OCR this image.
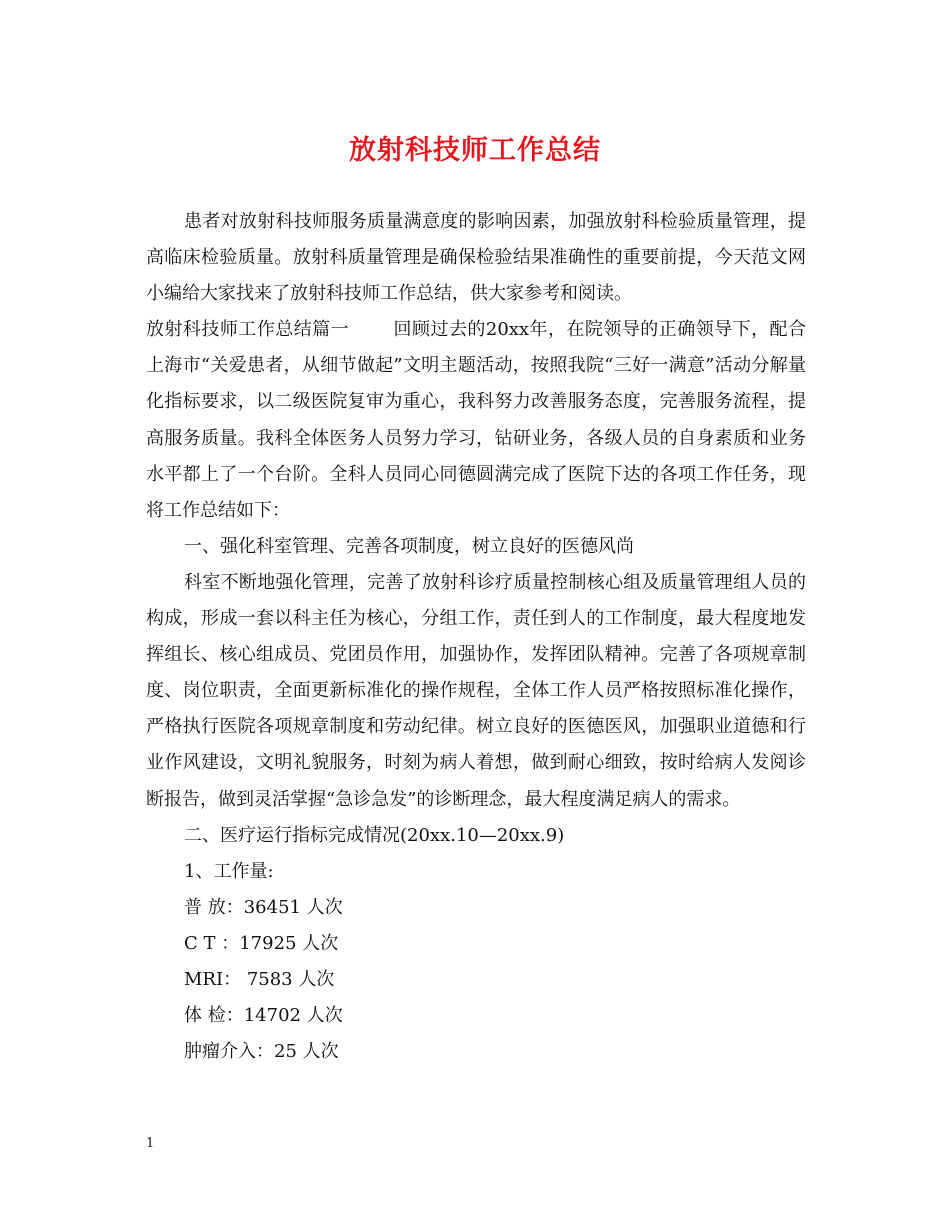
放射科技师工作总结

患者对放射科技师服务质量满意度的影响因素，加强放射科检验质量管理，提高临床检验质量。放射科质量管理是确保检验结果准确性的重要前提，今天范文网小编给大家找来了放射科技师工作总结，供大家参考和阅读。

放射科技师工作总结篇一 回顾过去的20xx年，在院领导的正确领导下，配合上海市“关爱患者，从细节做起”文明主题活动，按照我院“三好一满意”活动分解量化指标要求，以二级医院复审为重心，我科努力改善服务态度，完善服务流程，提高服务质量。我科全体医务人员努力学习，钻研业务，各级人员的自身素质和业务水平都上了一个台阶。全科人员同心同德圆满完成了医院下达的各项工作任务，现将工作总结如下：

一、强化科室管理、完善各项制度，树立良好的医德风尚

科室不断地强化管理，完善了放射科诊疗质量控制核心组及质量管理组人员的构成，形成一套以科主任为核心，分组工作，责任到人的工作制度，最大程度地发挥组长、核心组成员、党团员作用，加强协作，发挥团队精神。完善了各项规章制度、岗位职责，全面更新标准化的操作规程，全体工作人员严格按照标准化操作，严格执行医院各项规章制度和劳动纪律。树立良好的医德医风，加强职业道德和行业作风建设，文明礼貌服务，时刻为病人着想，做到耐心细致，按时给病人发阅诊断报告，做到灵活掌握“急诊急发”的诊断理念，最大程度满足病人的需求。

二、医疗运行指标完成情况(20xx.10—20xx.9)

1、工作量:

普 放：36451 人次

C T ：17925 人次

MRI： 7583 人次

体 检：14702 人次

肿瘤介入：25 人次

1
